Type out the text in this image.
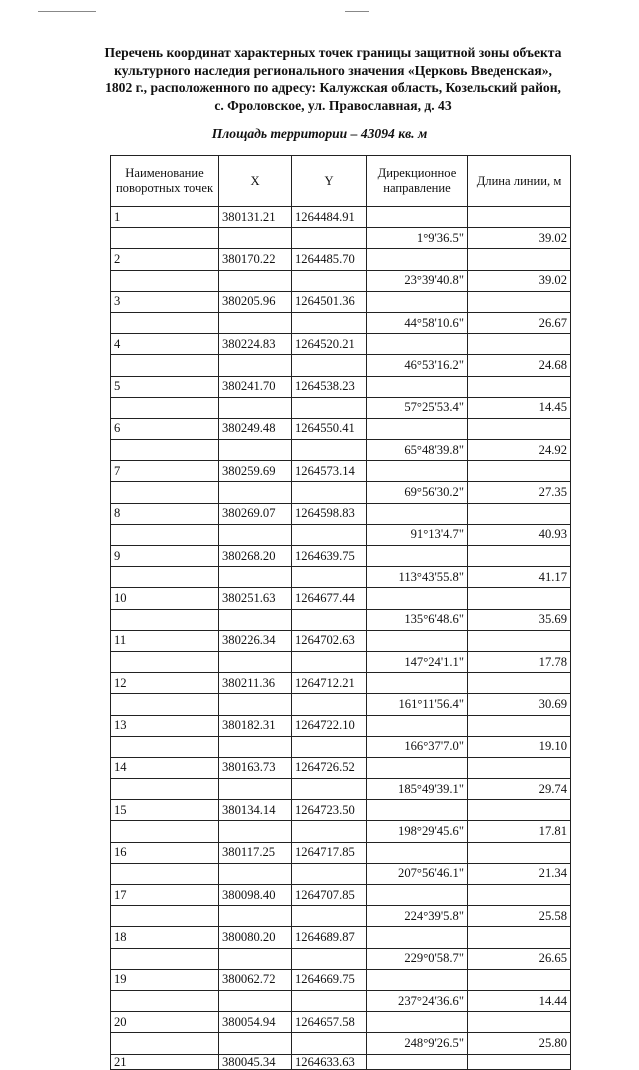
Перечень координат характерных точек границы защитной зоны объекта
культурного наследия регионального значения «Церковь Введенская»,
1802 г., расположенного по адресу: Калужская область, Козельский район,
с. Фроловское, ул. Православная, д. 43
Площадь территории – 43094 кв. м
Наименование поворотных точек	X	Y	Дирекционное направление	Длина линии, м
1	380131.21	1264484.91		
			1°9'36.5"	39.02
2	380170.22	1264485.70		
			23°39'40.8"	39.02
3	380205.96	1264501.36		
			44°58'10.6"	26.67
4	380224.83	1264520.21		
			46°53'16.2"	24.68
5	380241.70	1264538.23		
			57°25'53.4"	14.45
6	380249.48	1264550.41		
			65°48'39.8"	24.92
7	380259.69	1264573.14		
			69°56'30.2"	27.35
8	380269.07	1264598.83		
			91°13'4.7"	40.93
9	380268.20	1264639.75		
			113°43'55.8"	41.17
10	380251.63	1264677.44		
			135°6'48.6"	35.69
11	380226.34	1264702.63		
			147°24'1.1"	17.78
12	380211.36	1264712.21		
			161°11'56.4"	30.69
13	380182.31	1264722.10		
			166°37'7.0"	19.10
14	380163.73	1264726.52		
			185°49'39.1"	29.74
15	380134.14	1264723.50		
			198°29'45.6"	17.81
16	380117.25	1264717.85		
			207°56'46.1"	21.34
17	380098.40	1264707.85		
			224°39'5.8"	25.58
18	380080.20	1264689.87		
			229°0'58.7"	26.65
19	380062.72	1264669.75		
			237°24'36.6"	14.44
20	380054.94	1264657.58		
			248°9'26.5"	25.80
21	380045.34	1264633.63		
